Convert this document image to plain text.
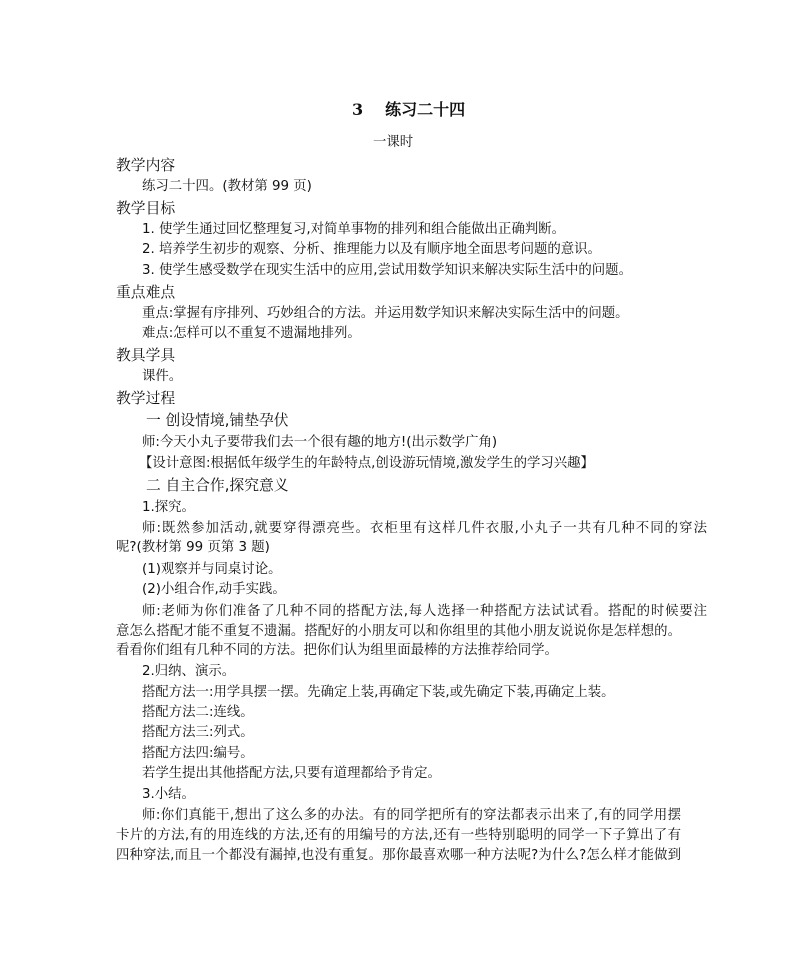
3 练习二十四
一课时
教学内容
练习二十四。(教材第 99 页)
教学目标
1. 使学生通过回忆整理复习,对简单事物的排列和组合能做出正确判断。
2. 培养学生初步的观察、分析、推理能力以及有顺序地全面思考问题的意识。
3. 使学生感受数学在现实生活中的应用,尝试用数学知识来解决实际生活中的问题。
重点难点
重点:掌握有序排列、巧妙组合的方法。并运用数学知识来解决实际生活中的问题。
难点:怎样可以不重复不遗漏地排列。
教具学具
课件。
教学过程
一 创设情境,铺垫孕伏
师:今天小丸子要带我们去一个很有趣的地方!(出示数学广角)
【设计意图:根据低年级学生的年龄特点,创设游玩情境,激发学生的学习兴趣】
二 自主合作,探究意义
1.探究。
师:既然参加活动,就要穿得漂亮些。衣柜里有这样几件衣服,小丸子一共有几种不同的穿法
呢?(教材第 99 页第 3 题)
(1)观察并与同桌讨论。
(2)小组合作,动手实践。
师:老师为你们准备了几种不同的搭配方法,每人选择一种搭配方法试试看。搭配的时候要注
意怎么搭配才能不重复不遗漏。搭配好的小朋友可以和你组里的其他小朋友说说你是怎样想的。
看看你们组有几种不同的方法。把你们认为组里面最棒的方法推荐给同学。
2.归纳、演示。
搭配方法一:用学具摆一摆。先确定上装,再确定下装,或先确定下装,再确定上装。
搭配方法二:连线。
搭配方法三:列式。
搭配方法四:编号。
若学生提出其他搭配方法,只要有道理都给予肯定。
3.小结。
师:你们真能干,想出了这么多的办法。有的同学把所有的穿法都表示出来了,有的同学用摆
卡片的方法,有的用连线的方法,还有的用编号的方法,还有一些特别聪明的同学一下子算出了有
四种穿法,而且一个都没有漏掉,也没有重复。那你最喜欢哪一种方法呢?为什么?怎么样才能做到
